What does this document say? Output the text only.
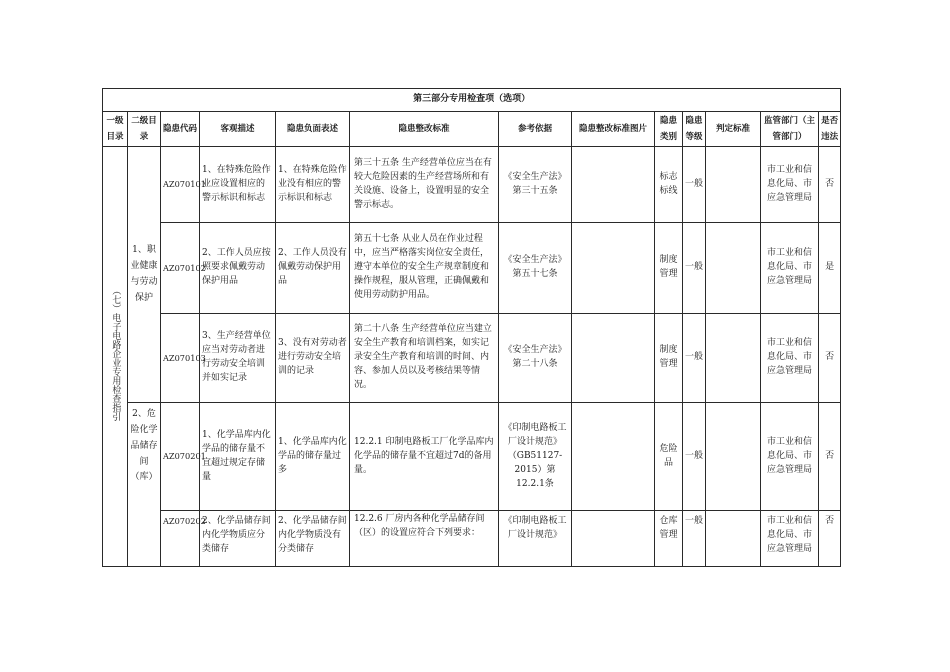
第三部分专用检查项（选项）												
一级目录	二级目录	隐患代码	客观描述	隐患负面表述	隐患整改标准	参考依据	隐患整改标准图片	隐患类别	隐患等级	判定标准	监管部门（主管部门）	是否违法
（七）电子电路企业专用检查指引	1、职业健康与劳动保护	AZ070101	1、在特殊危险作业应设置相应的警示标识和标志	1、在特殊危险作业没有相应的警示标识和标志	第三十五条 生产经营单位应当在有较大危险因素的生产经营场所和有关设施、设备上，设置明显的安全警示标志。	《安全生产法》第三十五条		标志标线	一般		市工业和信息化局、市应急管理局	否
		AZ070102	2、工作人员应按照要求佩戴劳动保护用品	2、工作人员没有佩戴劳动保护用品	第五十七条 从业人员在作业过程中，应当严格落实岗位安全责任，遵守本单位的安全生产规章制度和操作规程，服从管理，正确佩戴和使用劳动防护用品。	《安全生产法》第五十七条		制度管理	一般		市工业和信息化局、市应急管理局	是
		AZ070103	3、生产经营单位应当对劳动者进行劳动安全培训并如实记录	3、没有对劳动者进行劳动安全培训的记录	第二十八条 生产经营单位应当建立安全生产教育和培训档案，如实记录安全生产教育和培训的时间、内容、参加人员以及考核结果等情况。	《安全生产法》第二十八条		制度管理	一般		市工业和信息化局、市应急管理局	否
	2、危险化学品储存间（库）	AZ070201	1、化学品库内化学品的储存量不宜超过规定存储量	1、化学品库内化学品的储存量过多	12.2.1 印制电路板工厂化学品库内化学品的储存量不宜超过7d的备用量。	《印制电路板工厂设计规范》（GB51127-2015）第12.2.1条		危险品	一般		市工业和信息化局、市应急管理局	否
		AZ070202	2、化学品储存间内化学物质应分类储存	2、化学品储存间内化学物质没有分类储存	12.2.6 厂房内各种化学品储存间（区）的设置应符合下列要求：	《印制电路板工厂设计规范》		仓库管理	一般		市工业和信息化局、市应急管理局	否
